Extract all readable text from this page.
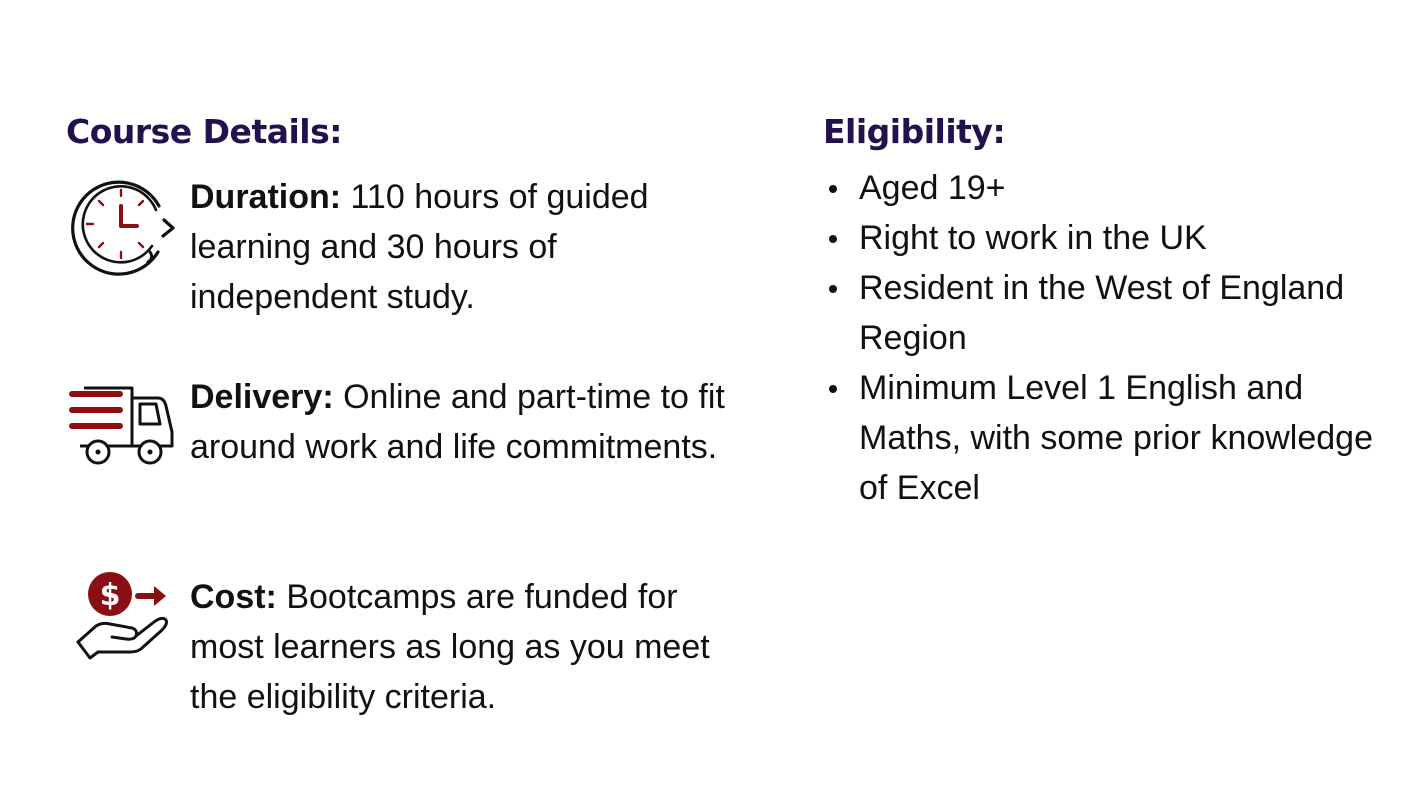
Course Details:

Duration: 110 hours of guided learning and 30 hours of independent study.

Delivery: Online and part-time to fit around work and life commitments.

$ Cost: Bootcamps are funded for most learners as long as you meet the eligibility criteria.

Eligibility:
Aged 19+
Right to work in the UK
Resident in the West of England Region
Minimum Level 1 English and Maths, with some prior knowledge of Excel
